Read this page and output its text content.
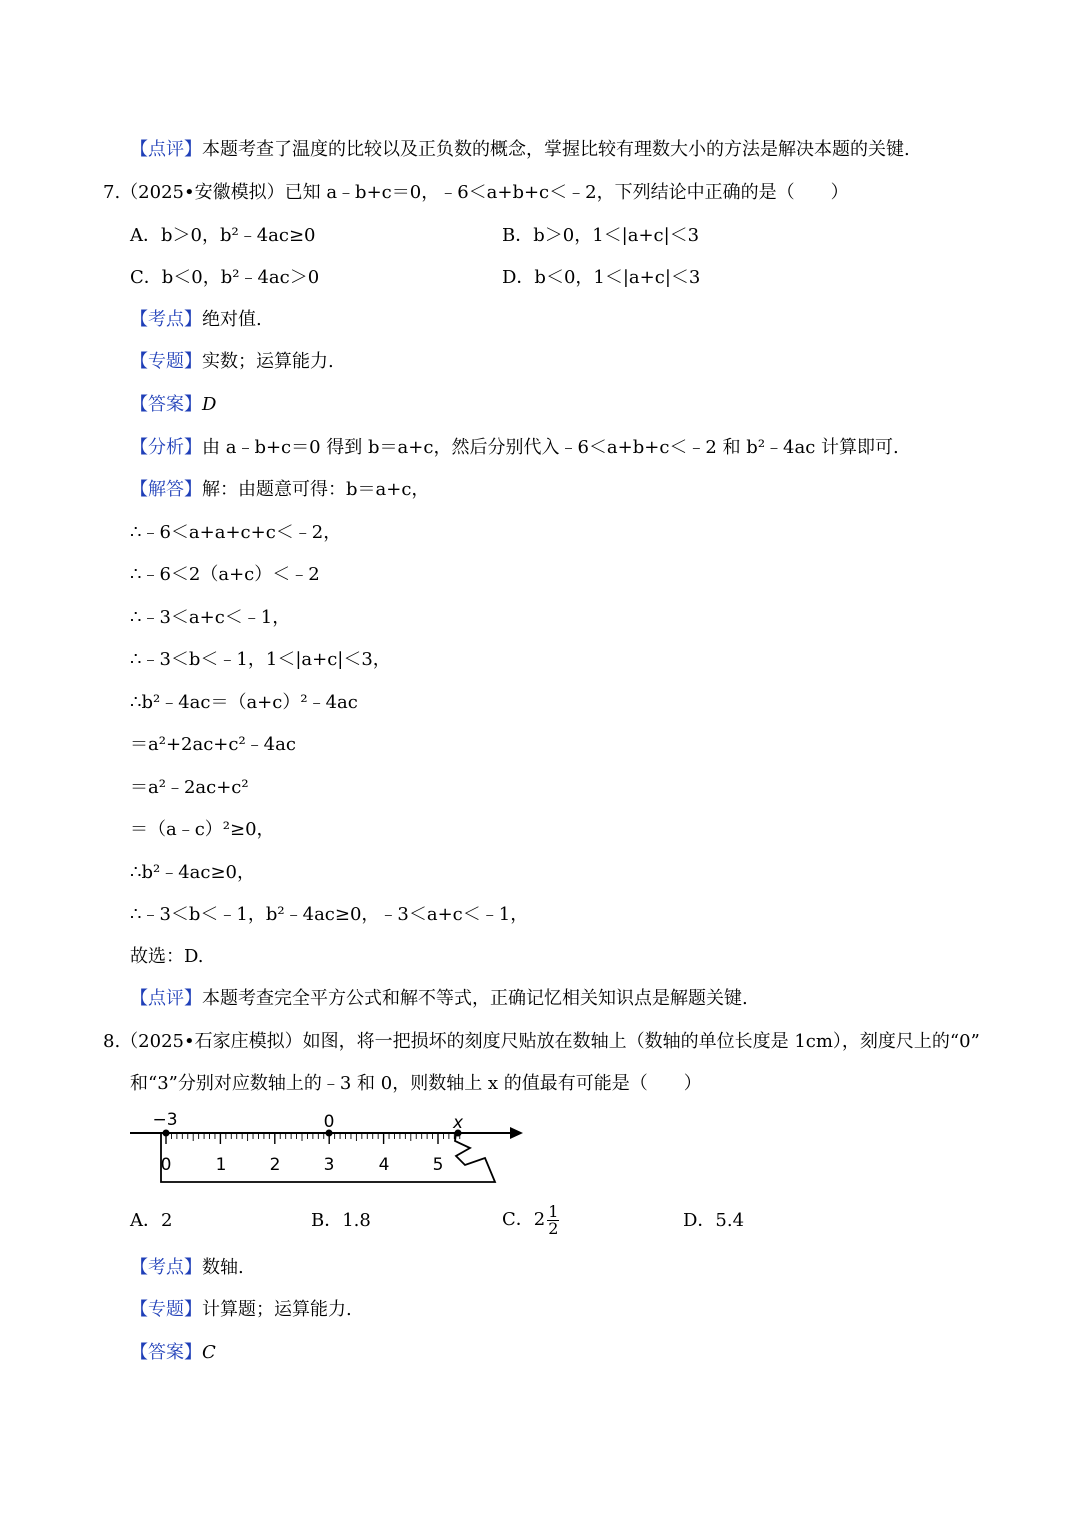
【点评】本题考查了温度的比较以及正负数的概念，掌握比较有理数大小的方法是解决本题的关键.
7.（2025•安徽模拟）已知 a﹣b+c＝0，﹣6＜a+b+c＜﹣2，下列结论中正确的是（　　）
A．b＞0，b²﹣4ac≥0	B．b＞0，1＜|a+c|＜3
C．b＜0，b²﹣4ac＞0	D．b＜0，1＜|a+c|＜3
【考点】绝对值.
【专题】实数；运算能力.
【答案】D
【分析】由 a﹣b+c＝0 得到 b＝a+c，然后分别代入﹣6＜a+b+c＜﹣2 和 b²﹣4ac 计算即可.
【解答】解：由题意可得：b＝a+c，
∴﹣6＜a+a+c+c＜﹣2，
∴﹣6＜2（a+c）＜﹣2
∴﹣3＜a+c＜﹣1，
∴﹣3＜b＜﹣1，1＜|a+c|＜3，
∴b²﹣4ac＝（a+c）²﹣4ac
＝a²+2ac+c²﹣4ac
＝a²﹣2ac+c²
＝（a﹣c）²≥0，
∴b²﹣4ac≥0，
∴﹣3＜b＜﹣1，b²﹣4ac≥0，﹣3＜a+c＜﹣1，
故选：D.
【点评】本题考查完全平方公式和解不等式，正确记忆相关知识点是解题关键.
8.（2025•石家庄模拟）如图，将一把损坏的刻度尺贴放在数轴上（数轴的单位长度是 1cm），刻度尺上的“0”
和“3”分别对应数轴上的﹣3 和 0，则数轴上 x 的值最有可能是（　　）
−3	0	x
0	1	2	3	4	5
A．2	B．1.8	C．$2 \frac{1}{2}$	D．5.4
【考点】数轴.
【专题】计算题；运算能力.
【答案】C
